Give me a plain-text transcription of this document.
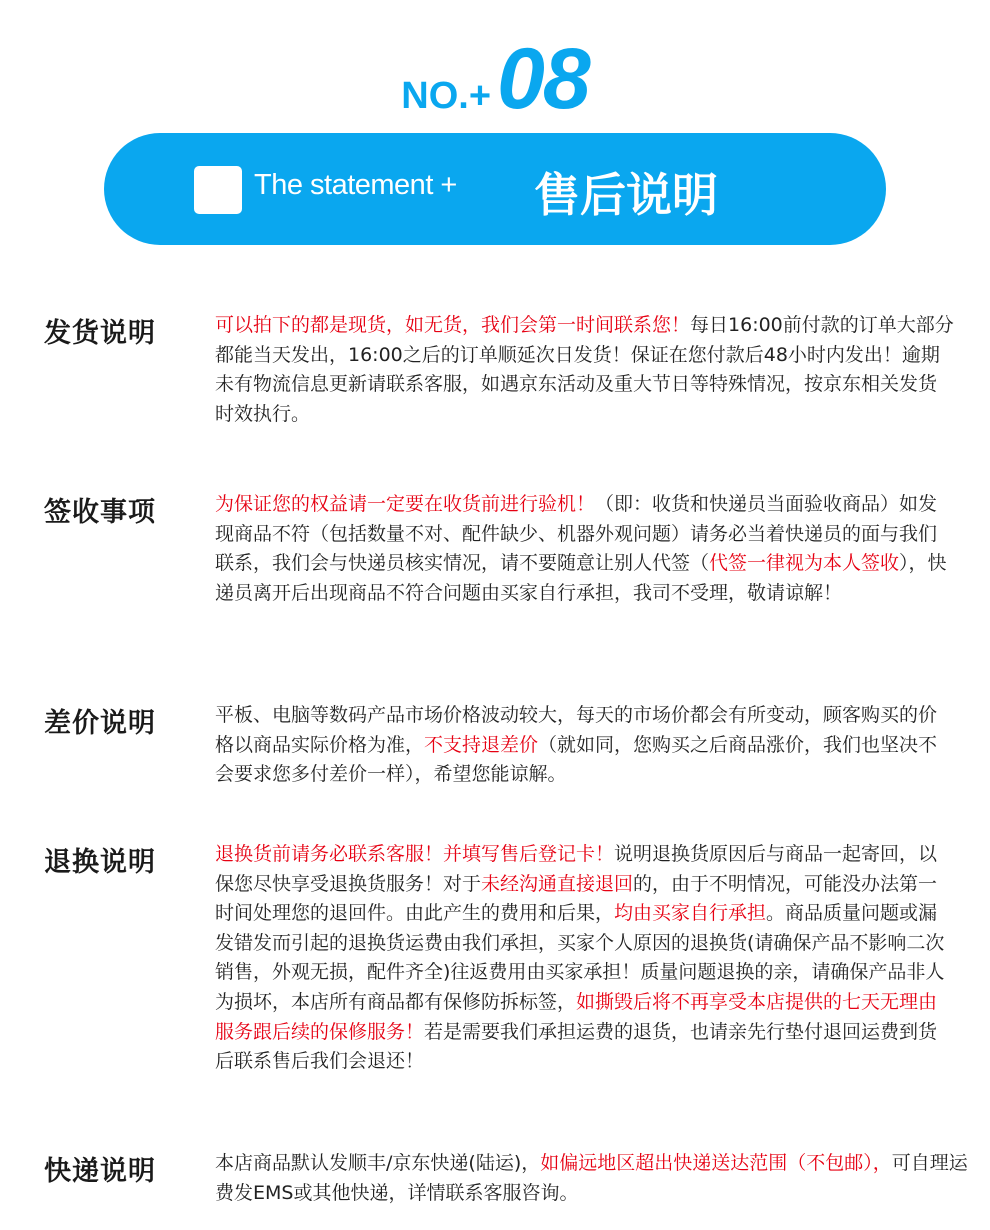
NO.+08
The statement + 售后说明
发货说明	可以拍下的都是现货，如无货，我们会第一时间联系您！每日16:00前付款的订单大部分都能当天发出，16:00之后的订单顺延次日发货！保证在您付款后48小时内发出！逾期未有物流信息更新请联系客服，如遇京东活动及重大节日等特殊情况，按京东相关发货时效执行。
签收事项	为保证您的权益请一定要在收货前进行验机！（即：收货和快递员当面验收商品）如发现商品不符（包括数量不对、配件缺少、机器外观问题）请务必当着快递员的面与我们联系，我们会与快递员核实情况，请不要随意让别人代签（代签一律视为本人签收），快递员离开后出现商品不符合问题由买家自行承担，我司不受理，敬请谅解！
差价说明	平板、电脑等数码产品市场价格波动较大，每天的市场价都会有所变动，顾客购买的价格以商品实际价格为准，不支持退差价（就如同，您购买之后商品涨价，我们也坚决不会要求您多付差价一样），希望您能谅解。
退换说明	退换货前请务必联系客服！并填写售后登记卡！说明退换货原因后与商品一起寄回，以保您尽快享受退换货服务！对于未经沟通直接退回的，由于不明情况，可能没办法第一时间处理您的退回件。由此产生的费用和后果，均由买家自行承担。商品质量问题或漏发错发而引起的退换货运费由我们承担，买家个人原因的退换货(请确保产品不影响二次销售，外观无损，配件齐全)往返费用由买家承担！质量问题退换的亲，请确保产品非人为损坏，本店所有商品都有保修防拆标签，如撕毁后将不再享受本店提供的七天无理由服务跟后续的保修服务！若是需要我们承担运费的退货，也请亲先行垫付退回运费到货后联系售后我们会退还！
快递说明	本店商品默认发顺丰/京东快递(陆运)，如偏远地区超出快递送达范围（不包邮），可自理运费发EMS或其他快递，详情联系客服咨询。
